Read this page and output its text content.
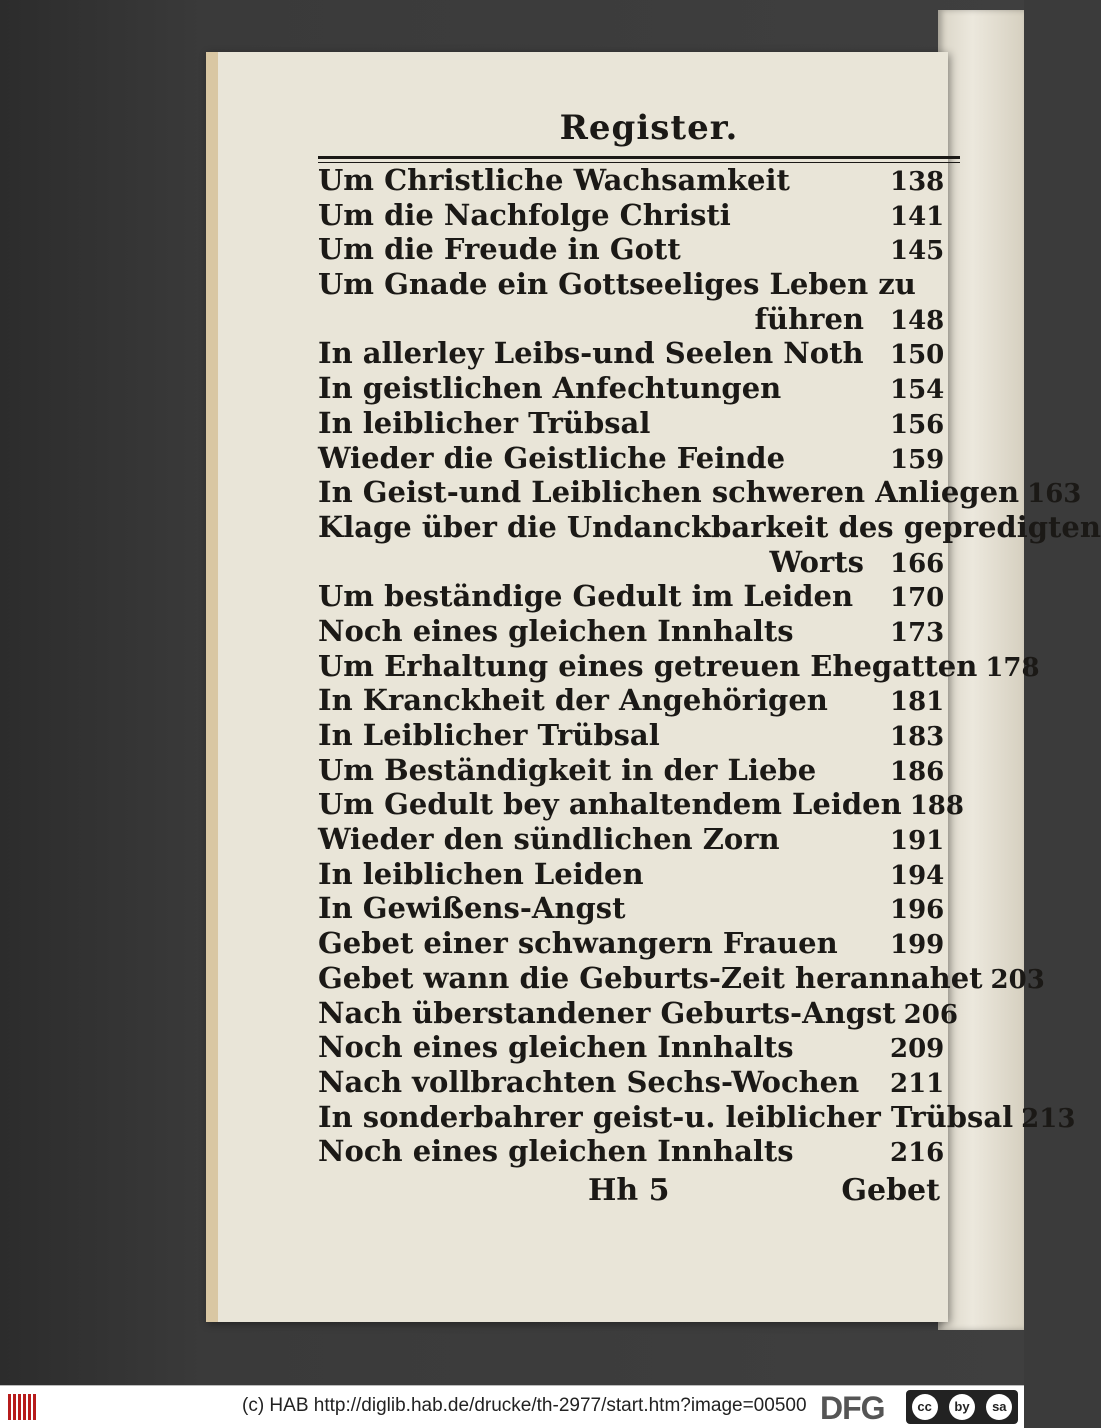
Register.
Um Christliche Wachsamkeit	138
Um die Nachfolge Christi	141
Um die Freude in Gott	145
Um Gnade ein Gottseeliges Leben zu
führen	148
In allerley Leibs-und Seelen Noth	150
In geistlichen Anfechtungen	154
In leiblicher Trübsal	156
Wieder die Geistliche Feinde	159
In Geist-und Leiblichen schweren Anliegen 163
Klage über die Undanckbarkeit des gepredigten
Worts	166
Um beständige Gedult im Leiden	170
Noch eines gleichen Innhalts	173
Um Erhaltung eines getreuen Ehegatten 178
In Kranckheit der Angehörigen	181
In Leiblicher Trübsal	183
Um Beständigkeit in der Liebe	186
Um Gedult bey anhaltendem Leiden 188
Wieder den sündlichen Zorn	191
In leiblichen Leiden	194
In Gewißens-Angst	196
Gebet einer schwangern Frauen	199
Gebet wann die Geburts-Zeit herannahet 203
Nach überstandener Geburts-Angst 206
Noch eines gleichen Innhalts	209
Nach vollbrachten Sechs-Wochen	211
In sonderbahrer geist-u. leiblicher Trübsal 213
Noch eines gleichen Innhalts	216
Hh 5	Gebet
(c) HAB http://diglib.hab.de/drucke/th-2977/start.htm?image=00500 DFG	cc	by	sa
